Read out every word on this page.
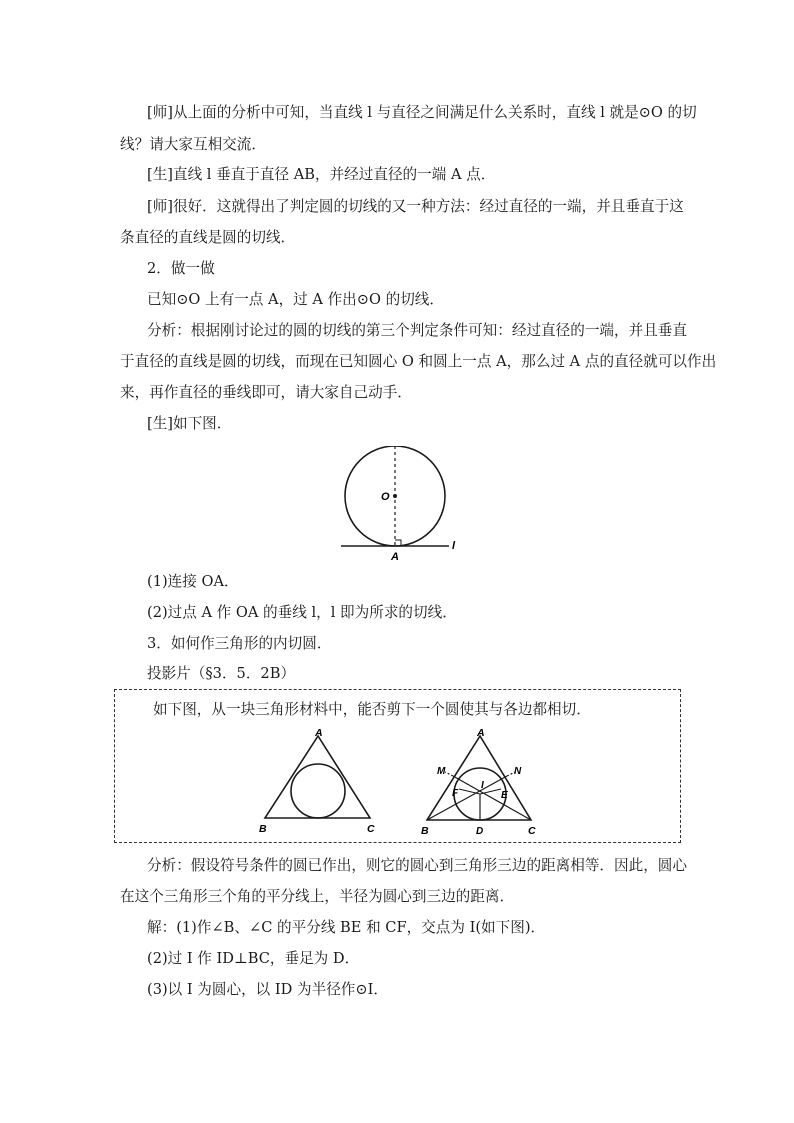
[师]从上面的分析中可知，当直线 l 与直径之间满足什么关系时，直线 l 就是⊙O 的切
线？请大家互相交流．
[生]直线 l 垂直于直径 AB，并经过直径的一端 A 点．
[师]很好．这就得出了判定圆的切线的又一种方法：经过直径的一端，并且垂直于这
条直径的直线是圆的切线．
2．做一做
已知⊙O 上有一点 A，过 A 作出⊙O 的切线．
分析：根据刚讨论过的圆的切线的第三个判定条件可知：经过直径的一端，并且垂直
于直径的直线是圆的切线，而现在已知圆心 O 和圆上一点 A，那么过 A 点的直径就可以作出
来，再作直径的垂线即可，请大家自己动手．
[生]如下图．
O
A
l
(1)连接 OA．
(2)过点 A 作 OA 的垂线 l，l 即为所求的切线．
3．如何作三角形的内切圆．
投影片（§3．5．2B）
如下图，从一块三角形材料中，能否剪下一个圆使其与各边都相切．
A
B	C
A
B	C
M	N
I
F	E
D
分析：假设符号条件的圆已作出，则它的圆心到三角形三边的距离相等．因此，圆心
在这个三角形三个角的平分线上，半径为圆心到三边的距离．
解：(1)作∠B、∠C 的平分线 BE 和 CF，交点为 I(如下图)．
(2)过 I 作 ID⊥BC，垂足为 D．
(3)以 I 为圆心，以 ID 为半径作⊙I．
